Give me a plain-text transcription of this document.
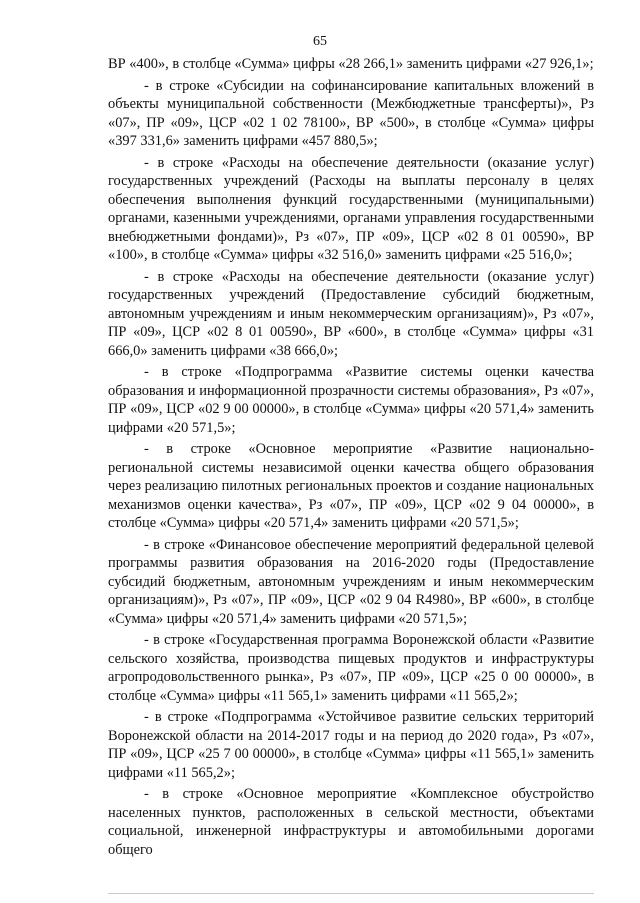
65

ВР «400», в столбце «Сумма» цифры «28 266,1» заменить цифрами «27 926,1»;

- в строке «Субсидии на софинансирование капитальных вложений в объекты муниципальной собственности (Межбюджетные трансферты)», Рз «07», ПР «09», ЦСР «02 1 02 78100», ВР «500», в столбце «Сумма» цифры «397 331,6» заменить цифрами «457 880,5»;

- в строке «Расходы на обеспечение деятельности (оказание услуг) государственных учреждений (Расходы на выплаты персоналу в целях обеспечения выполнения функций государственными (муниципальными) органами, казенными учреждениями, органами управления государственными внебюджетными фондами)», Рз «07», ПР «09», ЦСР «02 8 01 00590», ВР «100», в столбце «Сумма» цифры «32 516,0» заменить цифрами «25 516,0»;

- в строке «Расходы на обеспечение деятельности (оказание услуг) государственных учреждений (Предоставление субсидий бюджетным, автономным учреждениям и иным некоммерческим организациям)», Рз «07», ПР «09», ЦСР «02 8 01 00590», ВР «600», в столбце «Сумма» цифры «31 666,0» заменить цифрами «38 666,0»;

- в строке «Подпрограмма «Развитие системы оценки качества образования и информационной прозрачности системы образования», Рз «07», ПР «09», ЦСР «02 9 00 00000», в столбце «Сумма» цифры «20 571,4» заменить цифрами «20 571,5»;

- в строке «Основное мероприятие «Развитие национально-региональной системы независимой оценки качества общего образования через реализацию пилотных региональных проектов и создание национальных механизмов оценки качества», Рз «07», ПР «09», ЦСР «02 9 04 00000», в столбце «Сумма» цифры «20 571,4» заменить цифрами «20 571,5»;

- в строке «Финансовое обеспечение мероприятий федеральной целевой программы развития образования на 2016-2020 годы (Предоставление субсидий бюджетным, автономным учреждениям и иным некоммерческим организациям)», Рз «07», ПР «09», ЦСР «02 9 04 R4980», ВР «600», в столбце «Сумма» цифры «20 571,4» заменить цифрами «20 571,5»;

- в строке «Государственная программа Воронежской области «Развитие сельского хозяйства, производства пищевых продуктов и инфраструктуры агропродовольственного рынка», Рз «07», ПР «09», ЦСР «25 0 00 00000», в столбце «Сумма» цифры «11 565,1» заменить цифрами «11 565,2»;

- в строке «Подпрограмма «Устойчивое развитие сельских территорий Воронежской области на 2014-2017 годы и на период до 2020 года», Рз «07», ПР «09», ЦСР «25 7 00 00000», в столбце «Сумма» цифры «11 565,1» заменить цифрами «11 565,2»;

- в строке «Основное мероприятие «Комплексное обустройство населенных пунктов, расположенных в сельской местности, объектами социальной, инженерной инфраструктуры и автомобильными дорогами общего
